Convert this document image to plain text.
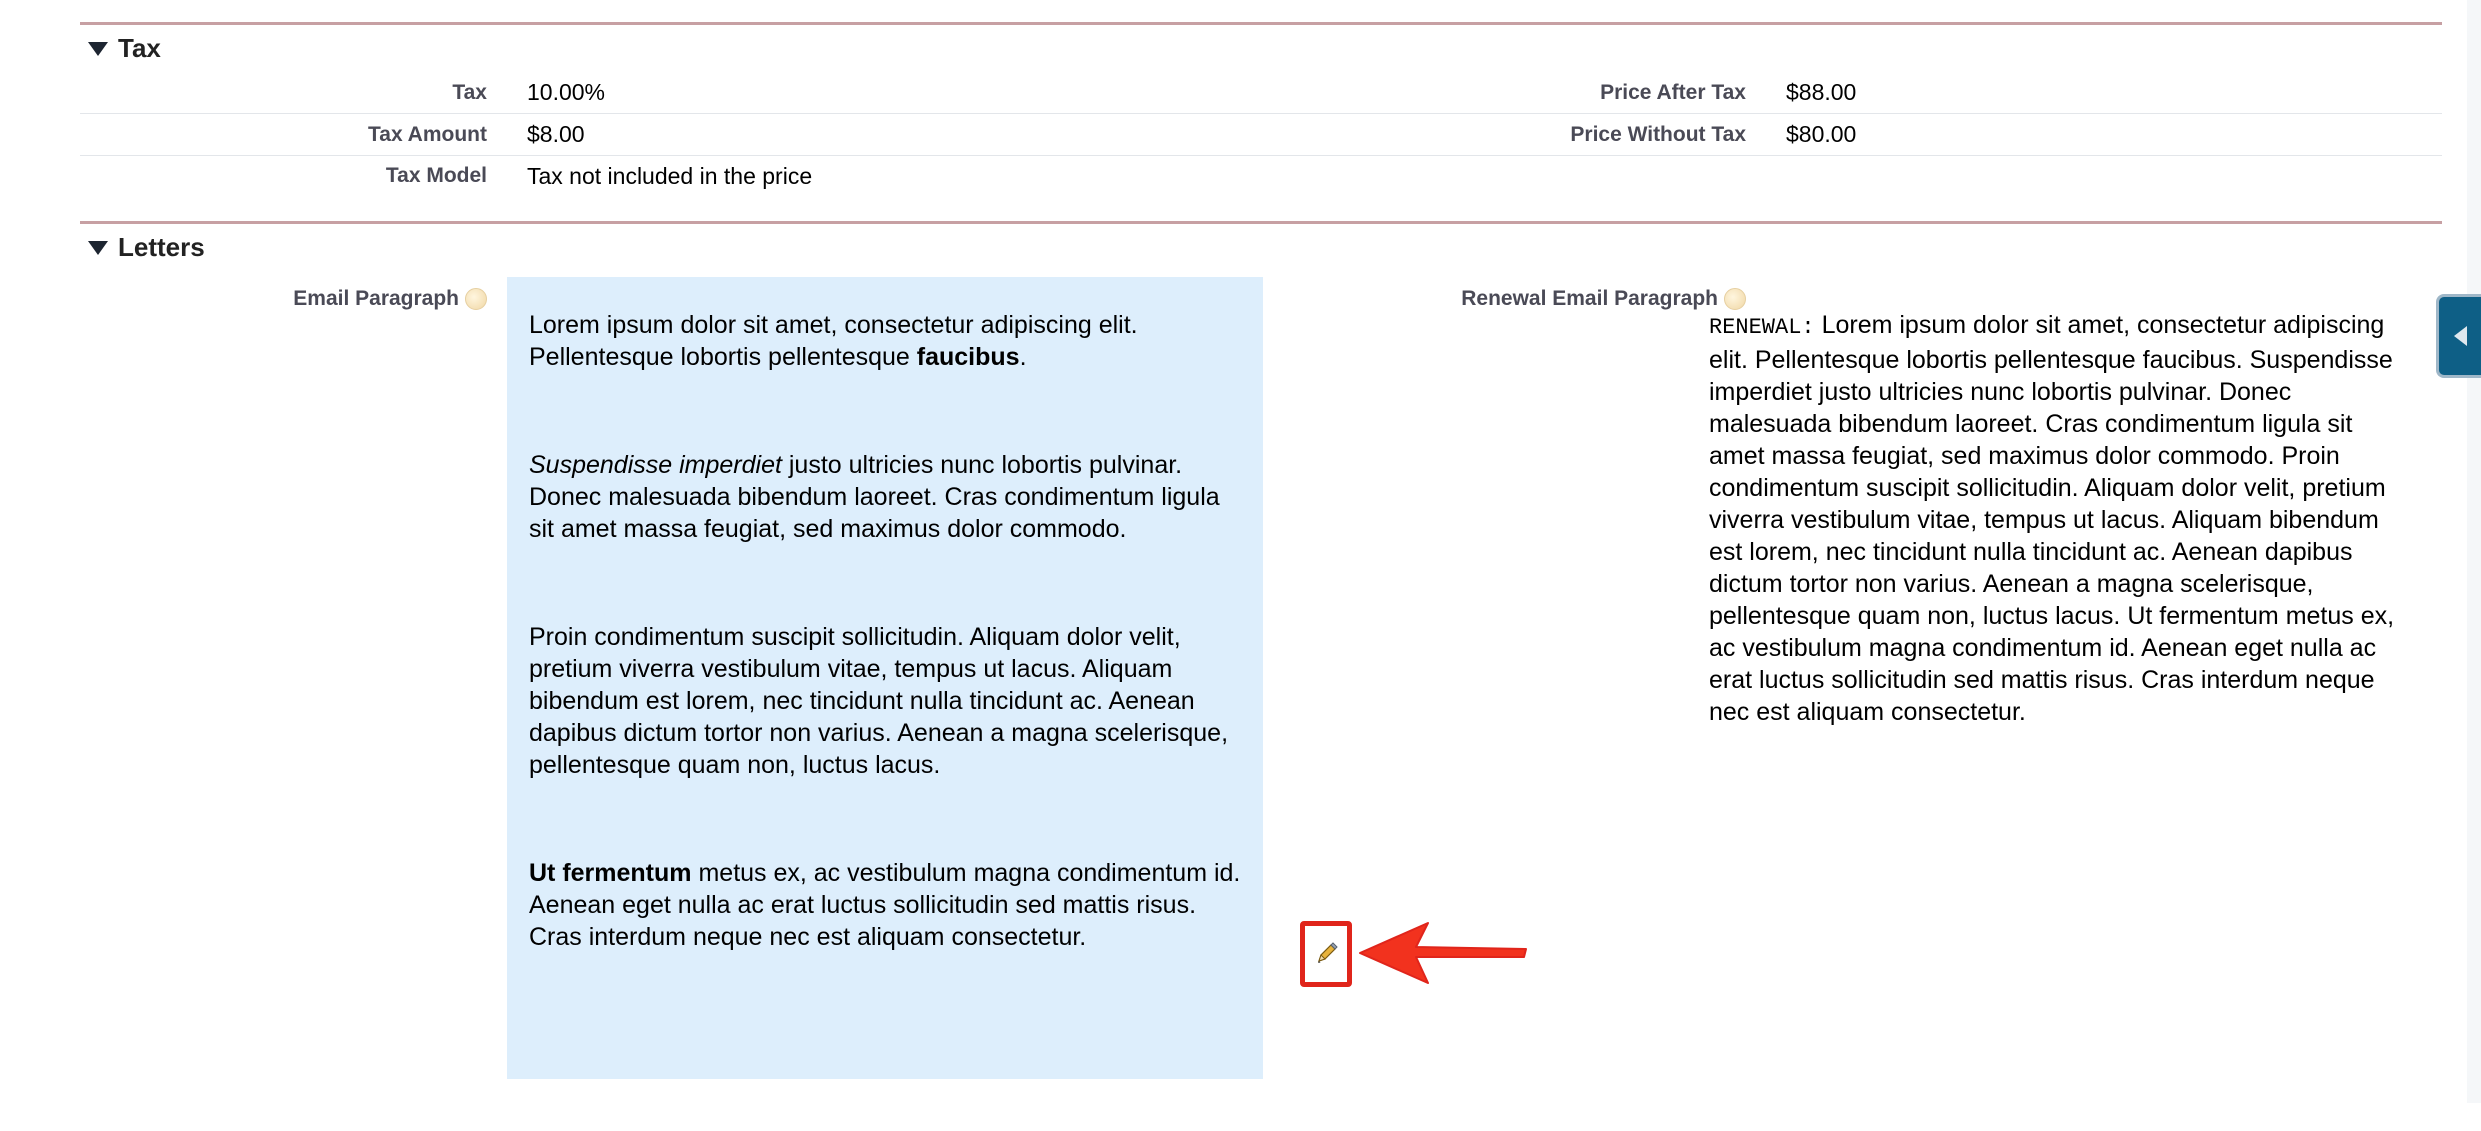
Tax
Tax	10.00%	Price After Tax	$88.00
Tax Amount	$8.00	Price Without Tax	$80.00
Tax Model	Tax not included in the price
Letters
Email Paragraph

Lorem ipsum dolor sit amet, consectetur adipiscing elit. Pellentesque lobortis pellentesque faucibus.

Suspendisse imperdiet justo ultricies nunc lobortis pulvinar. Donec malesuada bibendum laoreet. Cras condimentum ligula sit amet massa feugiat, sed maximus dolor commodo.

Proin condimentum suscipit sollicitudin. Aliquam dolor velit, pretium viverra vestibulum vitae, tempus ut lacus. Aliquam bibendum est lorem, nec tincidunt nulla tincidunt ac. Aenean dapibus dictum tortor non varius. Aenean a magna scelerisque, pellentesque quam non, luctus lacus.

Ut fermentum metus ex, ac vestibulum magna condimentum id. Aenean eget nulla ac erat luctus sollicitudin sed mattis risus. Cras interdum neque nec est aliquam consectetur.

Renewal Email Paragraph
RENEWAL: Lorem ipsum dolor sit amet, consectetur adipiscing elit. Pellentesque lobortis pellentesque faucibus. Suspendisse imperdiet justo ultricies nunc lobortis pulvinar. Donec malesuada bibendum laoreet. Cras condimentum ligula sit amet massa feugiat, sed maximus dolor commodo. Proin condimentum suscipit sollicitudin. Aliquam dolor velit, pretium viverra vestibulum vitae, tempus ut lacus. Aliquam bibendum est lorem, nec tincidunt nulla tincidunt ac. Aenean dapibus dictum tortor non varius. Aenean a magna scelerisque, pellentesque quam non, luctus lacus. Ut fermentum metus ex, ac vestibulum magna condimentum id. Aenean eget nulla ac erat luctus sollicitudin sed mattis risus. Cras interdum neque nec est aliquam consectetur.
